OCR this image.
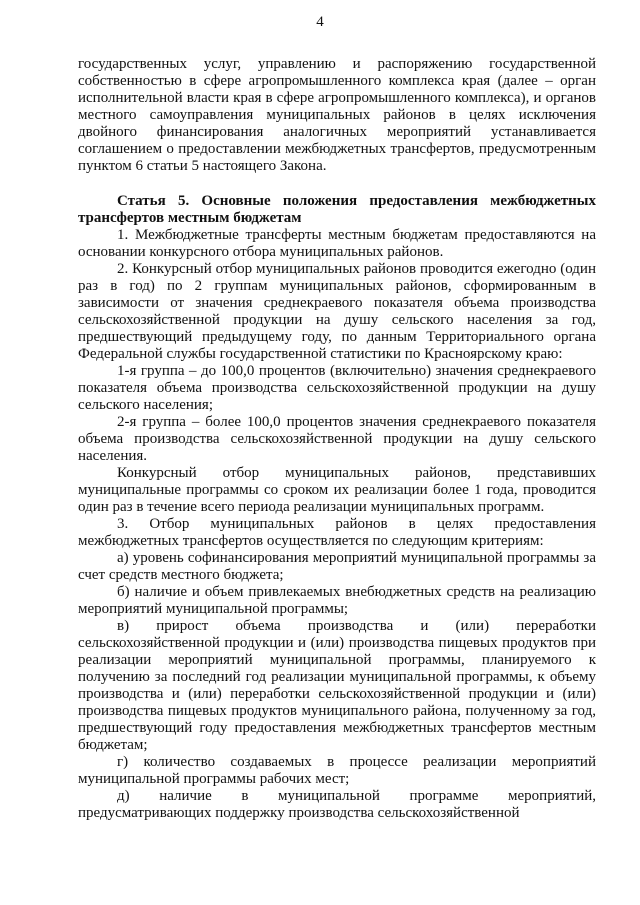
4

государственных услуг, управлению и распоряжению государственной собственностью в сфере агропромышленного комплекса края (далее – орган исполнительной власти края в сфере агропромышленного комплекса), и органов местного самоуправления муниципальных районов в целях исключения двойного финансирования аналогичных мероприятий устанавливается соглашением о предоставлении межбюджетных трансфертов, предусмотренным пунктом 6 статьи 5 настоящего Закона.

Статья 5. Основные положения предоставления межбюджетных трансфертов местным бюджетам

1. Межбюджетные трансферты местным бюджетам предоставляются на основании конкурсного отбора муниципальных районов.

2. Конкурсный отбор муниципальных районов проводится ежегодно (один раз в год) по 2 группам муниципальных районов, сформированным в зависимости от значения среднекраевого показателя объема производства сельскохозяйственной продукции на душу сельского населения за год, предшествующий предыдущему году, по данным Территориального органа Федеральной службы государственной статистики по Красноярскому краю:

1-я группа – до 100,0 процентов (включительно) значения среднекраевого показателя объема производства сельскохозяйственной продукции на душу сельского населения;

2-я группа – более 100,0 процентов значения среднекраевого показателя объема производства сельскохозяйственной продукции на душу сельского населения.

Конкурсный отбор муниципальных районов, представивших муниципальные программы со сроком их реализации более 1 года, проводится один раз в течение всего периода реализации муниципальных программ.

3. Отбор муниципальных районов в целях предоставления межбюджетных трансфертов осуществляется по следующим критериям:

а) уровень софинансирования мероприятий муниципальной программы за счет средств местного бюджета;

б) наличие и объем привлекаемых внебюджетных средств на реализацию мероприятий муниципальной программы;

в) прирост объема производства и (или) переработки сельскохозяйственной продукции и (или) производства пищевых продуктов при реализации мероприятий муниципальной программы, планируемого к получению за последний год реализации муниципальной программы, к объему производства и (или) переработки сельскохозяйственной продукции и (или) производства пищевых продуктов муниципального района, полученному за год, предшествующий году предоставления межбюджетных трансфертов местным бюджетам;

г) количество создаваемых в процессе реализации мероприятий муниципальной программы рабочих мест;

д) наличие в муниципальной программе мероприятий, предусматривающих поддержку производства сельскохозяйственной
